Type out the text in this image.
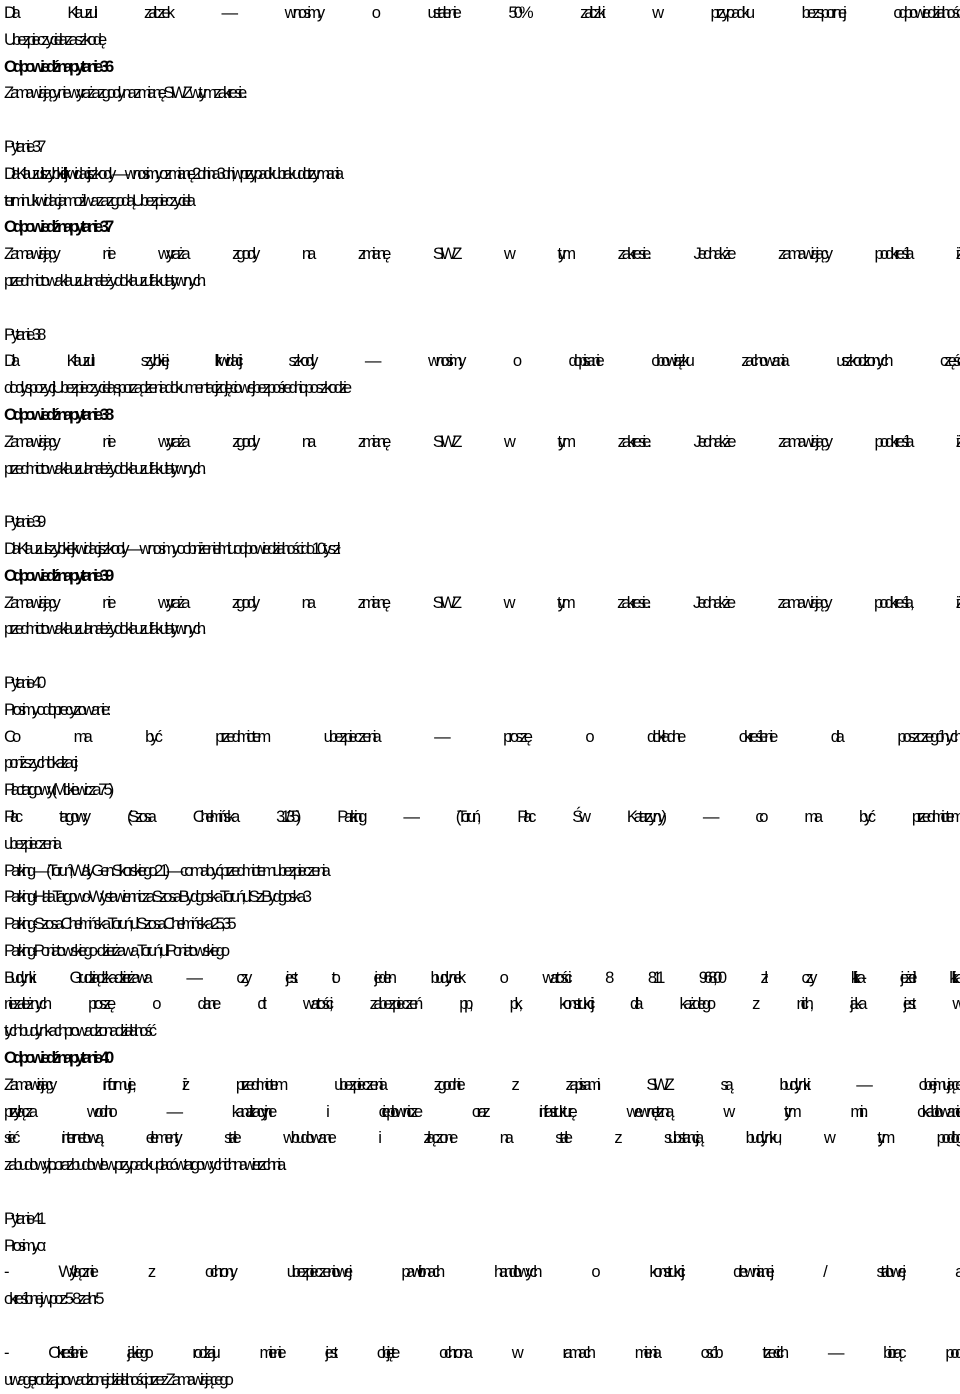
Dla Klauzuli zaliczek — wnosimy o ustalenie 50% zaliczki w przypadku bezspornej odpowiedzialności
Ubezpieczyciela za szkodę
Odpowiedź na pytanie 36
Zamawiający nie wyraża zgody na zmianę SIWZ w tym zakresie.
Pytanie 37
Dla Klauzuli szybkiej likwidacji szkody — wnosimy o zmianę: 2 dni na 3 dni , w przypadku braku dotrzymania
terminu likwidacja możliwa za zgodą Ubezpieczyciela
Odpowiedź na pytanie 37
Zamawiający nie wyraża zgody na zmianę SIWZ w tym zakresie. Jednakże zamawiający podkreśla iż
przedmiotowa klauzula należy do klauzul fakultatywnych.
Pytanie 38
Dla Klauzuli szybkiej likwidacji szkody — wnosimy o dopisanie obowiązku zachowania uszkodzonych części
do dyspozycji Ubezpieczyciela, sporządzenia dokumentacji zdjęciowej bezpośrednio po szkodzie
Odpowiedź na pytanie 38
Zamawiający nie wyraża zgody na zmianę SIWZ w tym zakresie. Jednakże zamawiający podkreśla iż
przedmiotowa klauzula należy do klauzul fakultatywnych.
Pytanie 39
Dla Klauzuli szybkiej likwidacji szkody — wnosimy o obniżenie limitu odpowiedzialności do 10 tys zł.
Odpowiedź na pytanie 39
Zamawiający nie wyraża zgody na zmianę SIWZ w tym zakresie. Jednakże zamawiający podkreśla, iż
przedmiotowa klauzula należy do klauzul fakultatywnych.
Pytanie 40
Prosimy o doprecyzowanie :
Co ma być przedmiotem ubezpieczenia — proszę o dokładne określenie dla poszczególnych,
poniższych lokalizacji:
Plac targowy (Mickiewicza 75)
Plac targowy (Szosa Chełmińska 31/35) Parking — (Toruń, Plac Św Katarzyny) — co ma być przedmiotem
ubezpieczenia
Parking — (Toruń, Wały Gen. Sikorskiego 21) — co ma być przedmiotem ubezpieczenia
Parking-Hala Targowo-Wystawiennicza Szosa Bydgoska Toruń, ul. Sz. Bydgoska 3
Parking-Szosa Chełmińska Toruń, ul. Szosa Chełmińska 25, 35
Parking-Poniatowskiego - dzierżawa , Toruń, ul. Poniatowskiego
Budynki Grudziądzka-dzierżawa — czy jest to jeden budynek o wartości 8 811 968,00 zł czy kilka- jeżeli kilka
niezależnych proszę o dane dt wartości, zabezpieczeń pp, pk, konstrukcji dla każdego z nich, jaka jest w
tych budynkach prowadzona działalność
Odpowiedź na pytanie 40
Zamawiający informuje, iż przedmiotem ubezpieczenia zgodnie z zapisami SIWZ są budynki — obejmujące
przyłącza wodno — kanalizacyjne i ciepłownicze oraz infrastrukturę wewnętrzną w tym m.in. okablowanie,
sieć internetową, elementy stałe wbudowane i złączone na stałe z substancją budynku, w tym podłogi,
zabudowy itp. oraz budowle w przypadku placów targowych ich nawierzchnia.
Pytanie 41
Prosimy o :
- Wyłącznie z ochrony ubezpieczeniowej pawilonach handlowych o konstrukcji drewnianej / stalowej, a
określonej w poz. 5- 8 zał nr 5
- Określenie jakiego rodzaju mienie jest objęte ochrona w ramach mienia osób trzecich — biorąc pod
uwagę rodzaj prowadzonej działalności przez Zamawiającego
